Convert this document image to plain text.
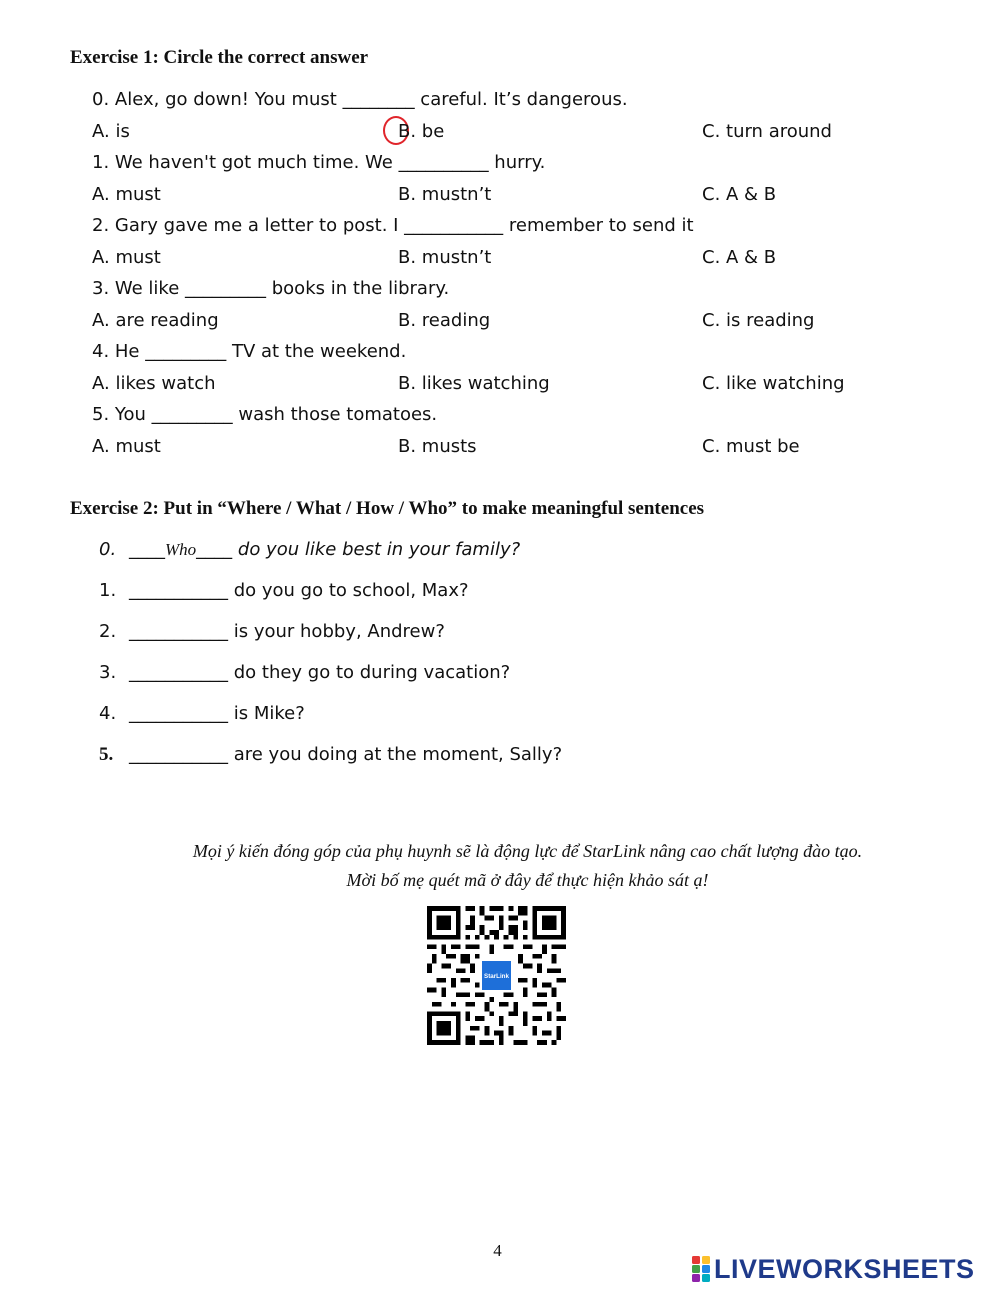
Exercise 1: Circle the correct answer
0. Alex, go down! You must ________ careful. It’s dangerous.
A. is	B. be	C. turn around
1. We haven't got much time. We __________ hurry.
A. must	B. mustn’t	C. A & B
2. Gary gave me a letter to post. I ___________ remember to send it
A. must	B. mustn’t	C. A & B
3. We like _________ books in the library.
A. are reading	B. reading	C. is reading
4. He _________ TV at the weekend.
A. likes watch	B. likes watching	C. like watching
5. You _________ wash those tomatoes.
A. must	B. musts	C. must be
Exercise 2: Put in “Where / What / How / Who” to make meaningful sentences
0. ____Who____ do you like best in your family?
1. ___________ do you go to school, Max?
2. ___________ is your hobby, Andrew?
3. ___________ do they go to during vacation?
4. ___________ is Mike?
5. ___________ are you doing at the moment, Sally?
Mọi ý kiến đóng góp của phụ huynh sẽ là động lực để StarLink nâng cao chất lượng đào tạo.
Mời bố mẹ quét mã ở đây để thực hiện khảo sát ạ!
StarLink
4
LIVEWORKSHEETS
